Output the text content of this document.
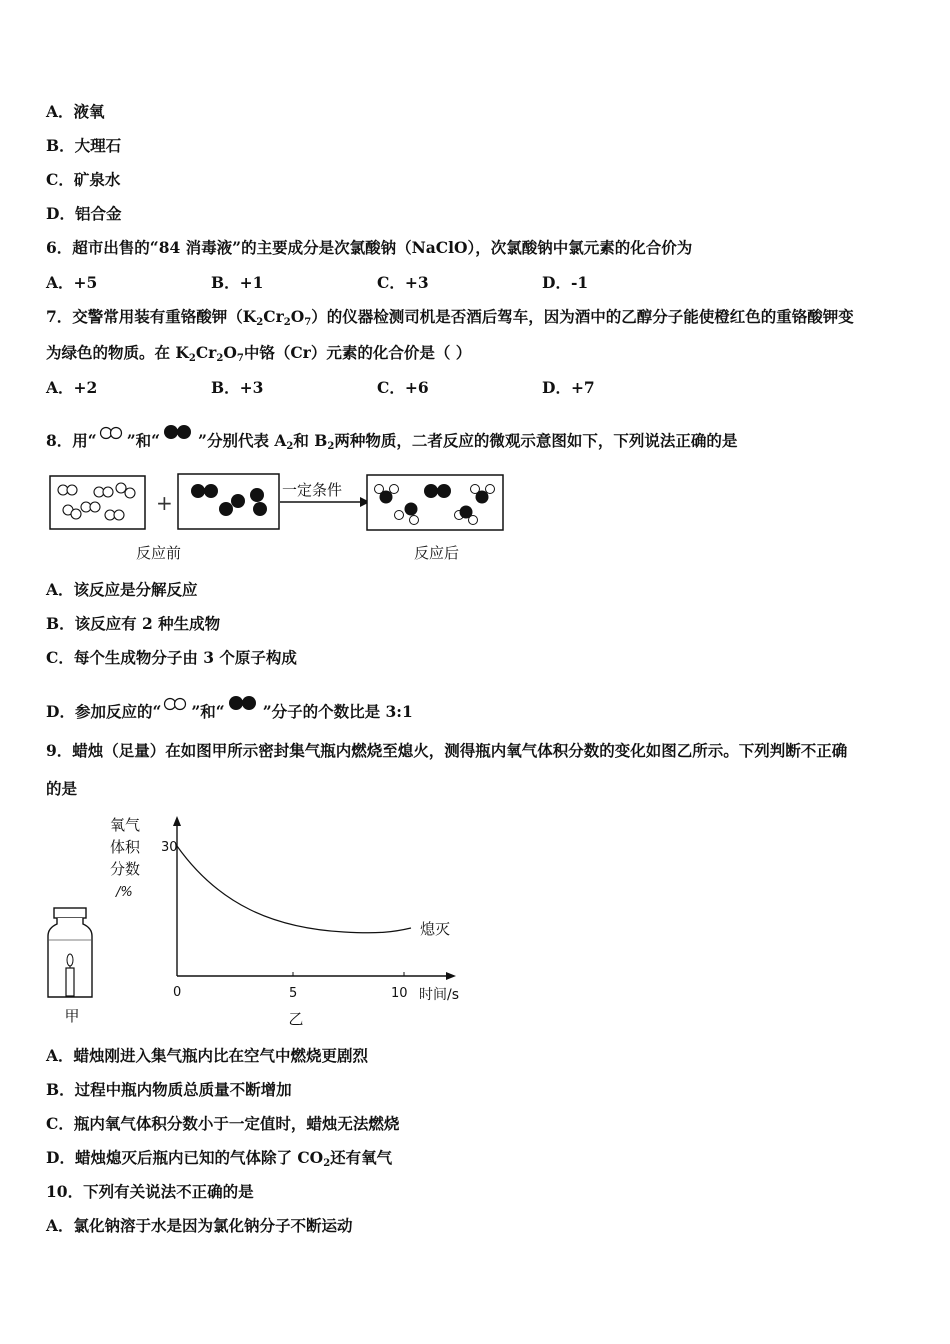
A．液氧
B．大理石
C．矿泉水
D．铝合金
6．超市出售的“84 消毒液”的主要成分是次氯酸钠（NaClO），次氯酸钠中氯元素的化合价为
A．+5	B．+1	C．+3	D．-1
7．交警常用装有重铬酸钾$(K_2Cr_2O_7)$的仪器检测司机是否酒后驾车，因为酒中的乙醇分子能使橙红色的重铬酸钾变
为绿色的物质。在 $K_2Cr_2O_7$中铬（Cr）元素的化合价是（ ）
A．+2	B．+3	C．+6	D．+7
8．用“ ”和“ ”分别代表 $A_2$和 $B_2$两种物质，二者反应的微观示意图如下，下列说法正确的是
+
一定条件
反应前	反应后
A．该反应是分解反应
B．该反应有 2 种生成物
C．每个生成物分子由 3 个原子构成
D．参加反应的“ ”和“ ”分子的个数比是 3:1
9．蜡烛（足量）在如图甲所示密封集气瓶内燃烧至熄火，测得瓶内氧气体积分数的变化如图乙所示。下列判断不正确
的是
甲
氧气
体积
分数
/%
30
0	5	10 时间/s
熄灭
乙
A．蜡烛刚进入集气瓶内比在空气中燃烧更剧烈
B．过程中瓶内物质总质量不断增加
C．瓶内氧气体积分数小于一定值时，蜡烛无法燃烧
D．蜡烛熄灭后瓶内已知的气体除了 $CO_2$还有氧气
10．下列有关说法不正确的是
A．氯化钠溶于水是因为氯化钠分子不断运动
